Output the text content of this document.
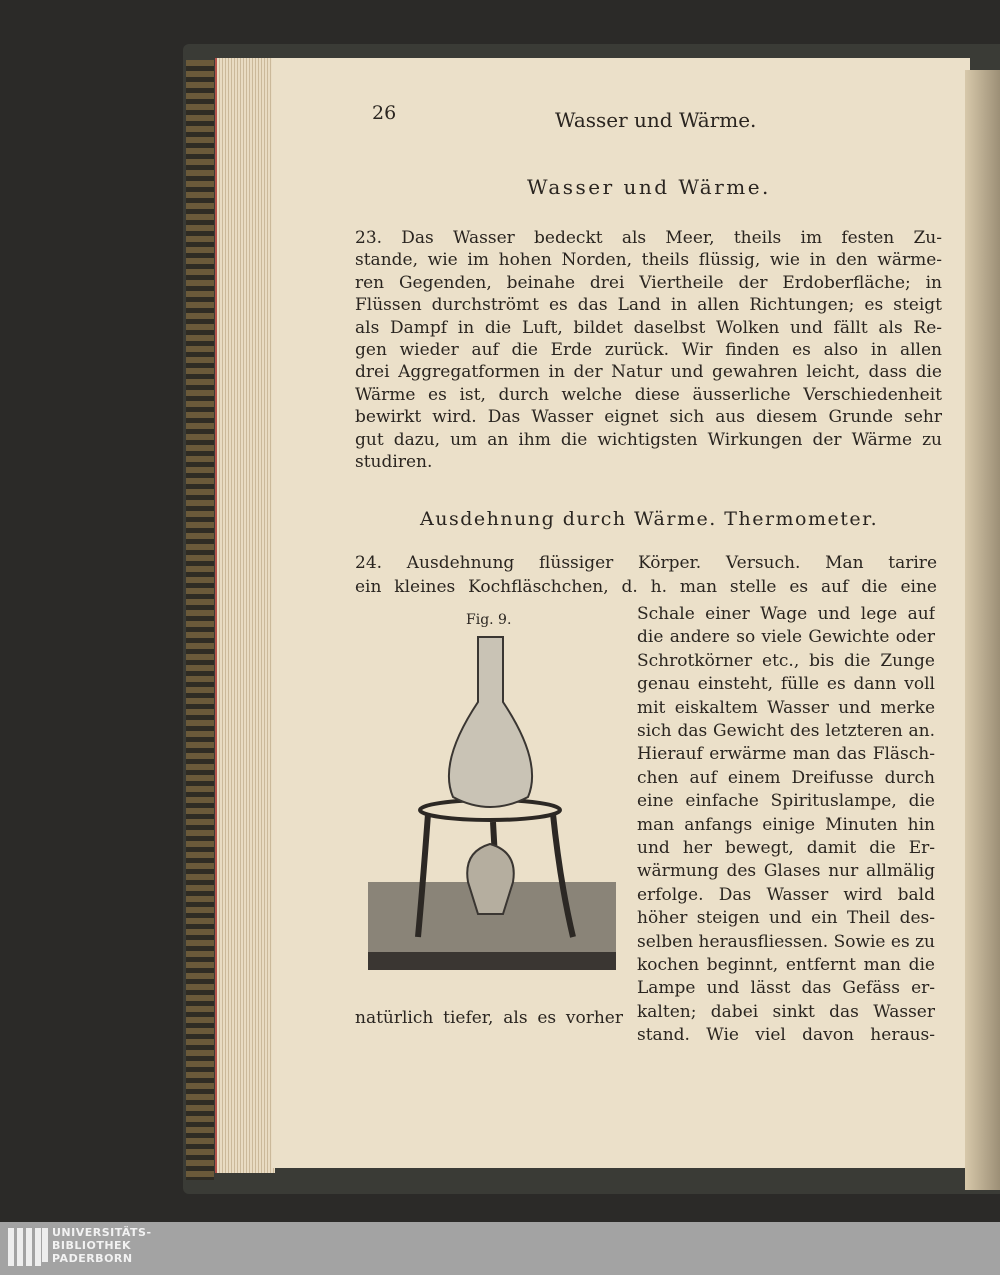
26	Wasser und Wärme.
Wasser und Wärme.
Ausdehnung durch Wärme. Thermometer.
23. Das Wasser bedeckt als Meer, theils im festen Zu-
stande, wie im hohen Norden, theils flüssig, wie in den wärme-
ren Gegenden, beinahe drei Viertheile der Erdoberfläche; in
Flüssen durchströmt es das Land in allen Richtungen; es steigt
als Dampf in die Luft, bildet daselbst Wolken und fällt als Re-
gen wieder auf die Erde zurück. Wir finden es also in allen
drei Aggregatformen in der Natur und gewahren leicht, dass die
Wärme es ist, durch welche diese äusserliche Verschiedenheit
bewirkt wird. Das Wasser eignet sich aus diesem Grunde sehr
gut dazu, um an ihm die wichtigsten Wirkungen der Wärme zu
studiren.
24. Ausdehnung flüssiger Körper. Versuch. Man tarire
ein kleines Kochfläschchen, d. h. man stelle es auf die eine
Schale einer Wage und lege auf
die andere so viele Gewichte oder
Schrotkörner etc., bis die Zunge
genau einsteht, fülle es dann voll
mit eiskaltem Wasser und merke
sich das Gewicht des letzteren an.
Hierauf erwärme man das Fläsch-
chen auf einem Dreifusse durch
eine einfache Spirituslampe, die
man anfangs einige Minuten hin
und her bewegt, damit die Er-
wärmung des Glases nur allmälig
erfolge. Das Wasser wird bald
höher steigen und ein Theil des-
selben herausfliessen. Sowie es zu
kochen beginnt, entfernt man die
Lampe und lässt das Gefäss er-
kalten; dabei sinkt das Wasser
stand. Wie viel davon heraus-
natürlich tiefer, als es vorher
Fig. 9.
UNIVERSITÄTS-
BIBLIOTHEK
PADERBORN
